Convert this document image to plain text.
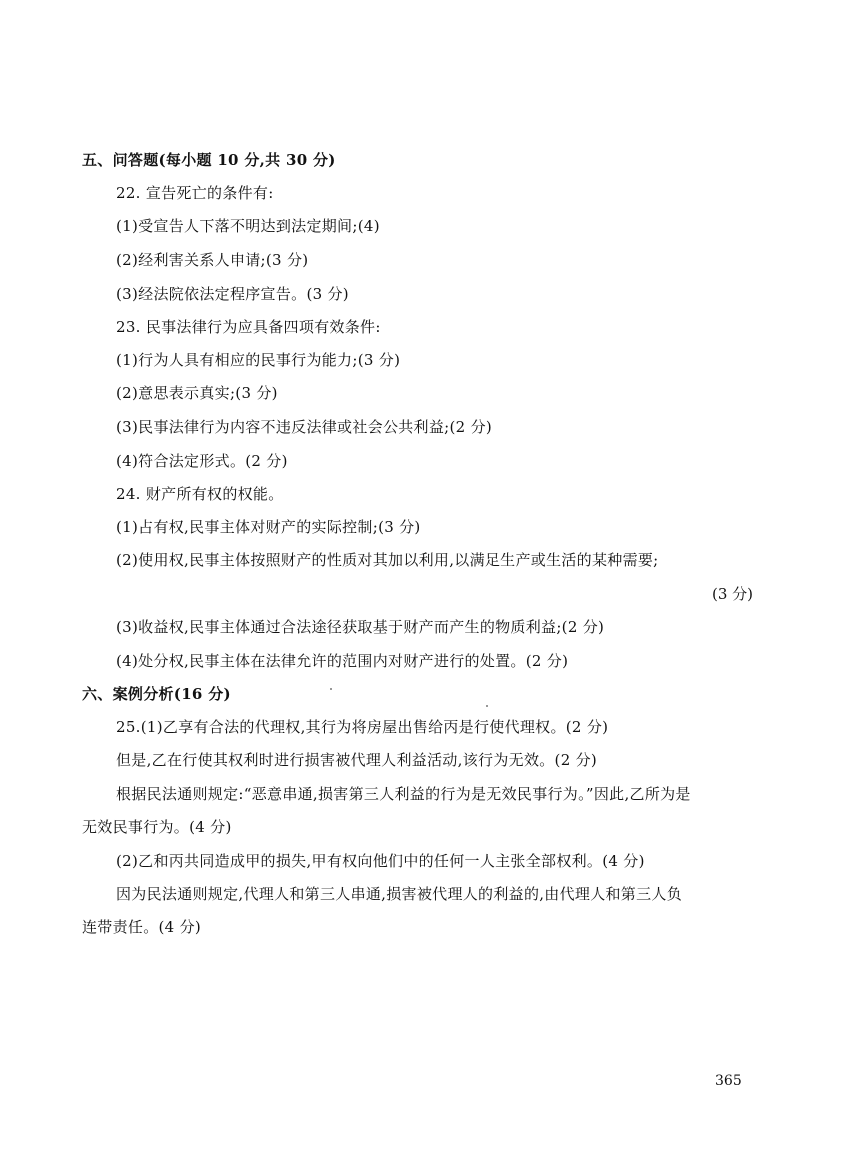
五、问答题(每小题 10 分,共 30 分)
22. 宣告死亡的条件有:
(1)受宣告人下落不明达到法定期间;(4)
(2)经利害关系人申请;(3 分)
(3)经法院依法定程序宣告。(3 分)
23. 民事法律行为应具备四项有效条件:
(1)行为人具有相应的民事行为能力;(3 分)
(2)意思表示真实;(3 分)
(3)民事法律行为内容不违反法律或社会公共利益;(2 分)
(4)符合法定形式。(2 分)
24. 财产所有权的权能。
(1)占有权,民事主体对财产的实际控制;(3 分)
(2)使用权,民事主体按照财产的性质对其加以利用,以满足生产或生活的某种需要;
(3 分)
(3)收益权,民事主体通过合法途径获取基于财产而产生的物质利益;(2 分)
(4)处分权,民事主体在法律允许的范围内对财产进行的处置。(2 分)
六、案例分析(16 分)
25.(1)乙享有合法的代理权,其行为将房屋出售给丙是行使代理权。(2 分)
但是,乙在行使其权利时进行损害被代理人利益活动,该行为无效。(2 分)
根据民法通则规定:“恶意串通,损害第三人利益的行为是无效民事行为。”因此,乙所为是
无效民事行为。(4 分)
(2)乙和丙共同造成甲的损失,甲有权向他们中的任何一人主张全部权利。(4 分)
因为民法通则规定,代理人和第三人串通,损害被代理人的利益的,由代理人和第三人负
连带责任。(4 分)
365
